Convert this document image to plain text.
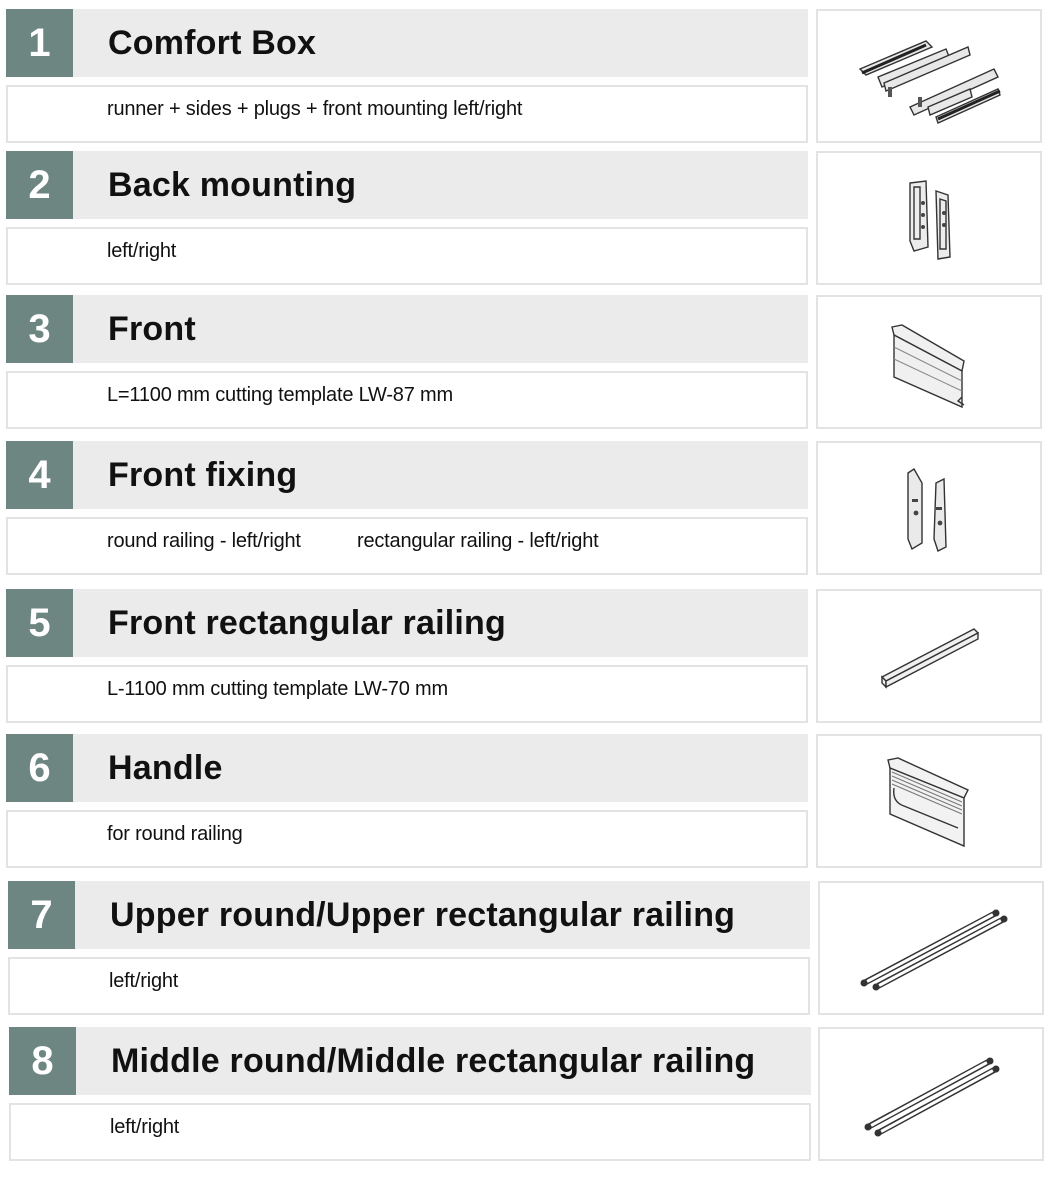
1	Comfort Box
runner + sides + plugs + front mounting left/right
2	Back mounting
left/right
3	Front
L=1100 mm cutting template LW-87 mm
4	Front fixing
round railing - left/right	rectangular railing - left/right
5	Front rectangular railing
L-1100 mm cutting template LW-70 mm
6	Handle
for round railing
7	Upper round/Upper rectangular railing
left/right
8	Middle round/Middle rectangular railing
left/right
